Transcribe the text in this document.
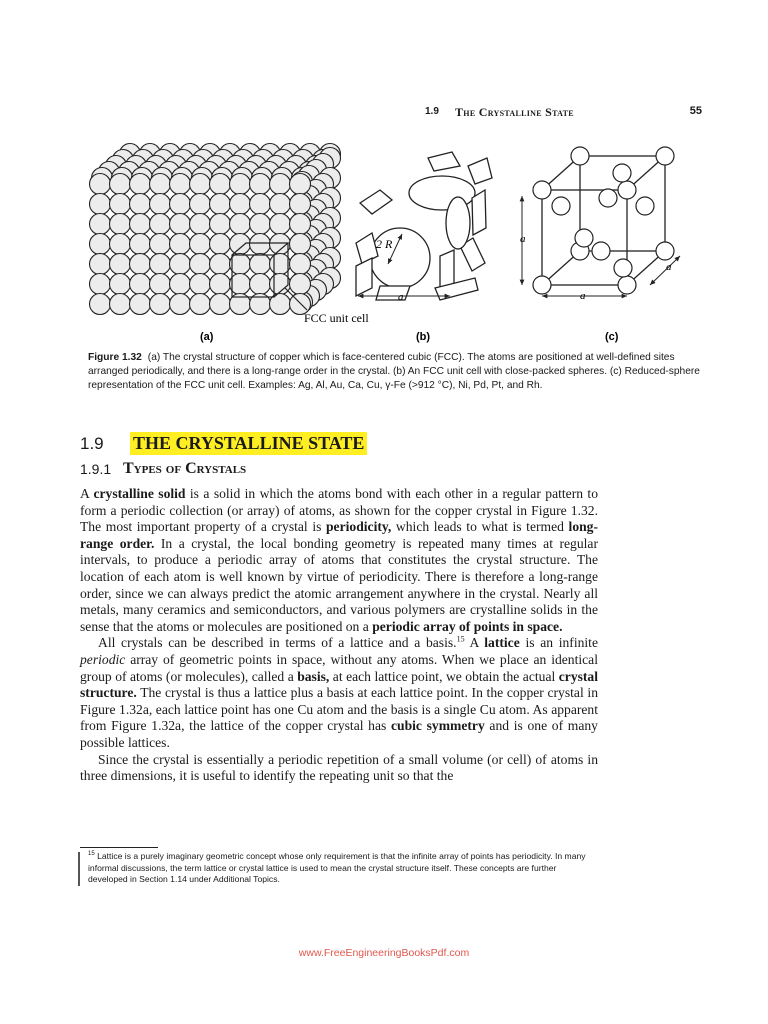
1.9 The Crystalline State	55
2 R
a
a
a
a
FCC unit cell
(a)	(b)	(c)
Figure 1.32 (a) The crystal structure of copper which is face-centered cubic (FCC). The atoms are positioned at well-defined sites arranged periodically, and there is a long-range order in the crystal. (b) An FCC unit cell with close-packed spheres. (c) Reduced-sphere representation of the FCC unit cell. Examples: Ag, Al, Au, Ca, Cu, γ-Fe (>912 °C), Ni, Pd, Pt, and Rh.
1.9 THE CRYSTALLINE STATE
1.9.1 Types of Crystals

A crystalline solid is a solid in which the atoms bond with each other in a regular pattern to form a periodic collection (or array) of atoms, as shown for the copper crystal in Figure 1.32. The most important property of a crystal is periodicity, which leads to what is termed long-range order. In a crystal, the local bonding geometry is repeated many times at regular intervals, to produce a periodic array of atoms that constitutes the crystal structure. The location of each atom is well known by virtue of periodicity. There is therefore a long-range order, since we can always predict the atomic arrangement anywhere in the crystal. Nearly all metals, many ceramics and semiconductors, and various polymers are crystalline solids in the sense that the atoms or molecules are positioned on a periodic array of points in space.

All crystals can be described in terms of a lattice and a basis.$^{15}$ A lattice is an infinite periodic array of geometric points in space, without any atoms. When we place an identical group of atoms (or molecules), called a basis, at each lattice point, we obtain the actual crystal structure. The crystal is thus a lattice plus a basis at each lattice point. In the copper crystal in Figure 1.32a, each lattice point has one Cu atom and the basis is a single Cu atom. As apparent from Figure 1.32a, the lattice of the copper crystal has cubic symmetry and is one of many possible lattices.

Since the crystal is essentially a periodic repetition of a small volume (or cell) of atoms in three dimensions, it is useful to identify the repeating unit so that the

$^{15}$ Lattice is a purely imaginary geometric concept whose only requirement is that the infinite array of points has periodicity. In many informal discussions, the term lattice or crystal lattice is used to mean the crystal structure itself. These concepts are further developed in Section 1.14 under Additional Topics.
www.FreeEngineeringBooksPdf.com
